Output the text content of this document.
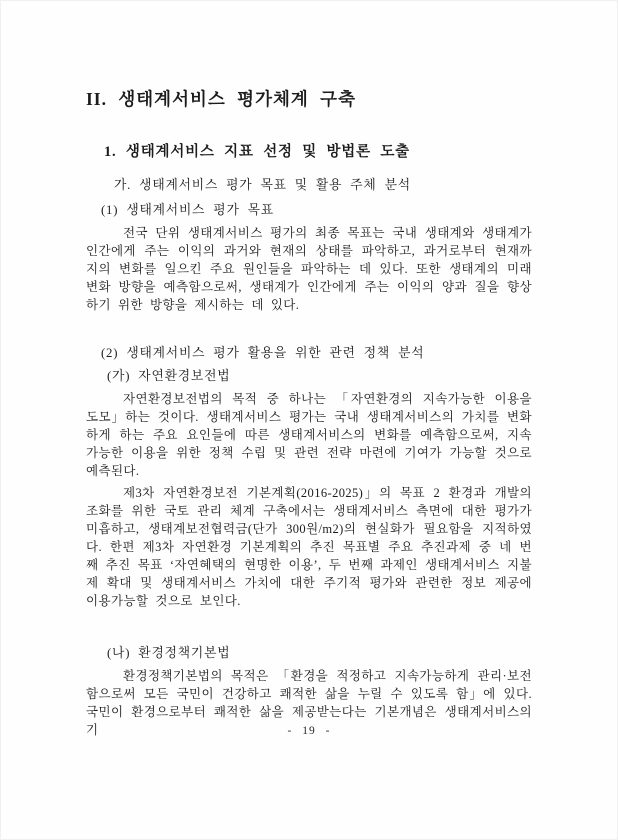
II. 생태계서비스 평가체계 구축
1. 생태계서비스 지표 선정 및 방법론 도출
가. 생태계서비스 평가 목표 및 활용 주체 분석
(1) 생태계서비스 평가 목표

전국 단위 생태계서비스 평가의 최종 목표는 국내 생태계와 생태계가 인간에게 주는 이익의 과거와 현재의 상태를 파악하고, 과거로부터 현재까지의 변화를 일으킨 주요 원인들을 파악하는 데 있다. 또한 생태계의 미래 변화 방향을 예측함으로써, 생태계가 인간에게 주는 이익의 양과 질을 향상하기 위한 방향을 제시하는 데 있다.

(2) 생태계서비스 평가 활용을 위한 관련 정책 분석
(가) 자연환경보전법

자연환경보전법의 목적 중 하나는 「자연환경의 지속가능한 이용을 도모」하는 것이다. 생태계서비스 평가는 국내 생태계서비스의 가치를 변화하게 하는 주요 요인들에 따른 생태계서비스의 변화를 예측함으로써, 지속가능한 이용을 위한 정책 수립 및 관련 전략 마련에 기여가 가능할 것으로 예측된다.

제3차 자연환경보전 기본계획(2016-2025)」의 목표 2 환경과 개발의 조화를 위한 국토 관리 체계 구축에서는 생태계서비스 측면에 대한 평가가 미흡하고, 생태계보전협력금(단가 300원/m2)의 현실화가 필요함을 지적하였다. 한편 제3차 자연환경 기본계획의 추진 목표별 주요 추진과제 중 네 번째 추진 목표 ‘자연혜택의 현명한 이용’, 두 번째 과제인 생태계서비스 지불제 확대 및 생태계서비스 가치에 대한 주기적 평가와 관련한 정보 제공에 이용가능할 것으로 보인다.

(나) 환경정책기본법

환경정책기본법의 목적은 「환경을 적정하고 지속가능하게 관리·보전함으로써 모든 국민이 건강하고 쾌적한 삶을 누릴 수 있도록 함」에 있다. 국민이 환경으로부터 쾌적한 삶을 제공받는다는 기본개념은 생태계서비스의 기	- 19 -
